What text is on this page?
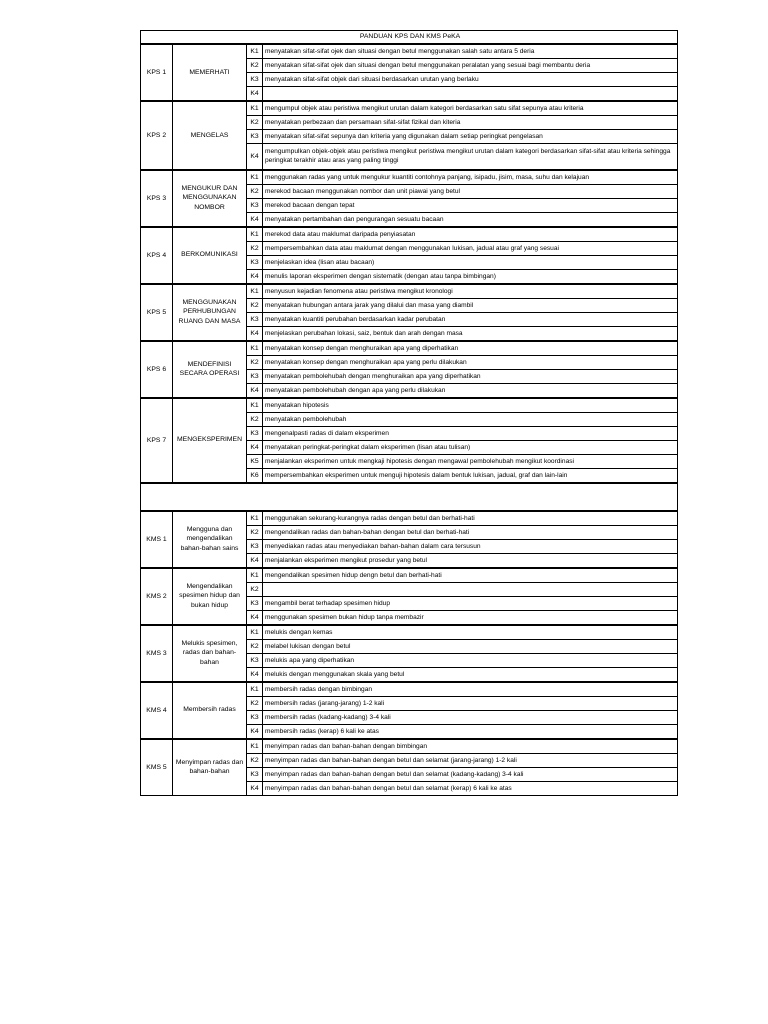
PANDUAN KPS DAN KMS PeKA			
KPS 1	MEMERHATI	K1	menyatakan sifat-sifat ojek dan situasi dengan betul menggunakan salah satu antara 5 deria
		K2	menyatakan sifat-sifat ojek dan situasi dengan betul menggunakan peralatan yang sesuai bagi membantu deria
		K3	menyatakan sifat-sifat objek dari situasi berdasarkan urutan yang berlaku
		K4	
KPS 2	MENGELAS	K1	mengumpul objek atau peristiwa mengikut urutan dalam kategori berdasarkan satu sifat sepunya atau kriteria
		K2	menyatakan perbezaan dan persamaan sifat-sifat fizikal dan kiteria
		K3	menyatakan sifat-sifat sepunya dan kriteria yang digunakan dalam setiap peringkat pengelasan
		K4	mengumpulkan objek-objek atau peristiwa mengikut peristiwa mengikut urutan dalam kategori berdasarkan sifat-sifat atau kriteria sehingga peringkat terakhir atau aras yang paling tinggi
KPS 3	MENGUKUR DAN MENGGUNAKAN NOMBOR	K1	menggunakan radas yang untuk mengukur kuantiti contohnya panjang, isipadu, jisim, masa, suhu dan kelajuan
		K2	merekod bacaan menggunakan nombor dan unit piawai yang betul
		K3	merekod bacaan dengan tepat
		K4	menyatakan pertambahan dan pengurangan sesuatu bacaan
KPS 4	BERKOMUNIKASI	K1	merekod data atau maklumat daripada penyiasatan
		K2	mempersembahkan data atau maklumat dengan menggunakan lukisan, jadual atau graf yang sesuai
		K3	menjelaskan idea (lisan atau bacaan)
		K4	menulis laporan eksperimen dengan sistematik (dengan atau tanpa bimbingan)
KPS 5	MENGGUNAKAN PERHUBUNGAN RUANG DAN MASA	K1	menyusun kejadian fenomena atau peristiwa mengikut kronologi
		K2	menyatakan hubungan antara jarak yang dilalui dan masa yang diambil
		K3	menyatakan kuantiti perubahan berdasarkan kadar perubatan
		K4	menjelaskan perubahan lokasi, saiz, bentuk dan arah dengan masa
KPS 6	MENDEFINISI SECARA OPERASI	K1	menyatakan konsep dengan menghuraikan apa yang diperhatikan
		K2	menyatakan konsep dengan menghuraikan apa yang perlu dilakukan
		K3	menyatakan pembolehubah dengan menghuraikan apa yang diperhatikan
		K4	menyatakan pembolehubah dengan apa yang perlu dilakukan
KPS 7	MENGEKSPERIMEN	K1	menyatakan hipotesis
		K2	menyatakan pembolehubah
		K3	mengenalpasti radas di dalam eksperimen
		K4	menyatakan peringkat-peringkat dalam eksperimen (lisan atau tulisan)
		K5	menjalankan eksperimen untuk mengkaji hipotesis dengan mengawal pembolehubah mengikut koordinasi
		K6	mempersembahkan eksperimen untuk menguji hipotesis dalam bentuk lukisan, jadual, graf dan lain-lain

KMS 1	Mengguna dan mengendalikan bahan-bahan sains	K1	menggunakan sekurang-kurangnya radas dengan betul dan berhati-hati
		K2	mengendalikan radas dan bahan-bahan dengan betul dan berhati-hati
		K3	menyediakan radas atau menyediakan bahan-bahan dalam cara tersusun
		K4	menjalankan eksperimen mengikut prosedur yang betul
KMS 2	Mengendalikan spesimen hidup dan bukan hidup	K1	mengendalikan spesimen hidup dengn betul dan berhati-hati
		K2	
		K3	mengambil berat terhadap spesimen hidup
		K4	menggunakan spesimen bukan hidup tanpa membazir
KMS 3	Melukis spesimen, radas dan bahan-bahan	K1	melukis dengan kemas
		K2	melabel lukisan dengan betul
		K3	melukis apa yang diperhatikan
		K4	melukis dengan menggunakan skala yang betul
KMS 4	Membersih radas	K1	membersih radas dengan bimbingan
		K2	membersih radas (jarang-jarang) 1-2 kali
		K3	membersih radas (kadang-kadang) 3-4 kali
		K4	membersih radas (kerap) 6 kali ke atas
KMS 5	Menyimpan radas dan bahan-bahan	K1	menyimpan radas dan bahan-bahan dengan bimbingan
		K2	menyimpan radas dan bahan-bahan dengan betul dan selamat (jarang-jarang) 1-2 kali
		K3	menyimpan radas dan bahan-bahan dengan betul dan selamat (kadang-kadang) 3-4 kali
		K4	menyimpan radas dan bahan-bahan dengan betul dan selamat (kerap) 6 kali ke atas
